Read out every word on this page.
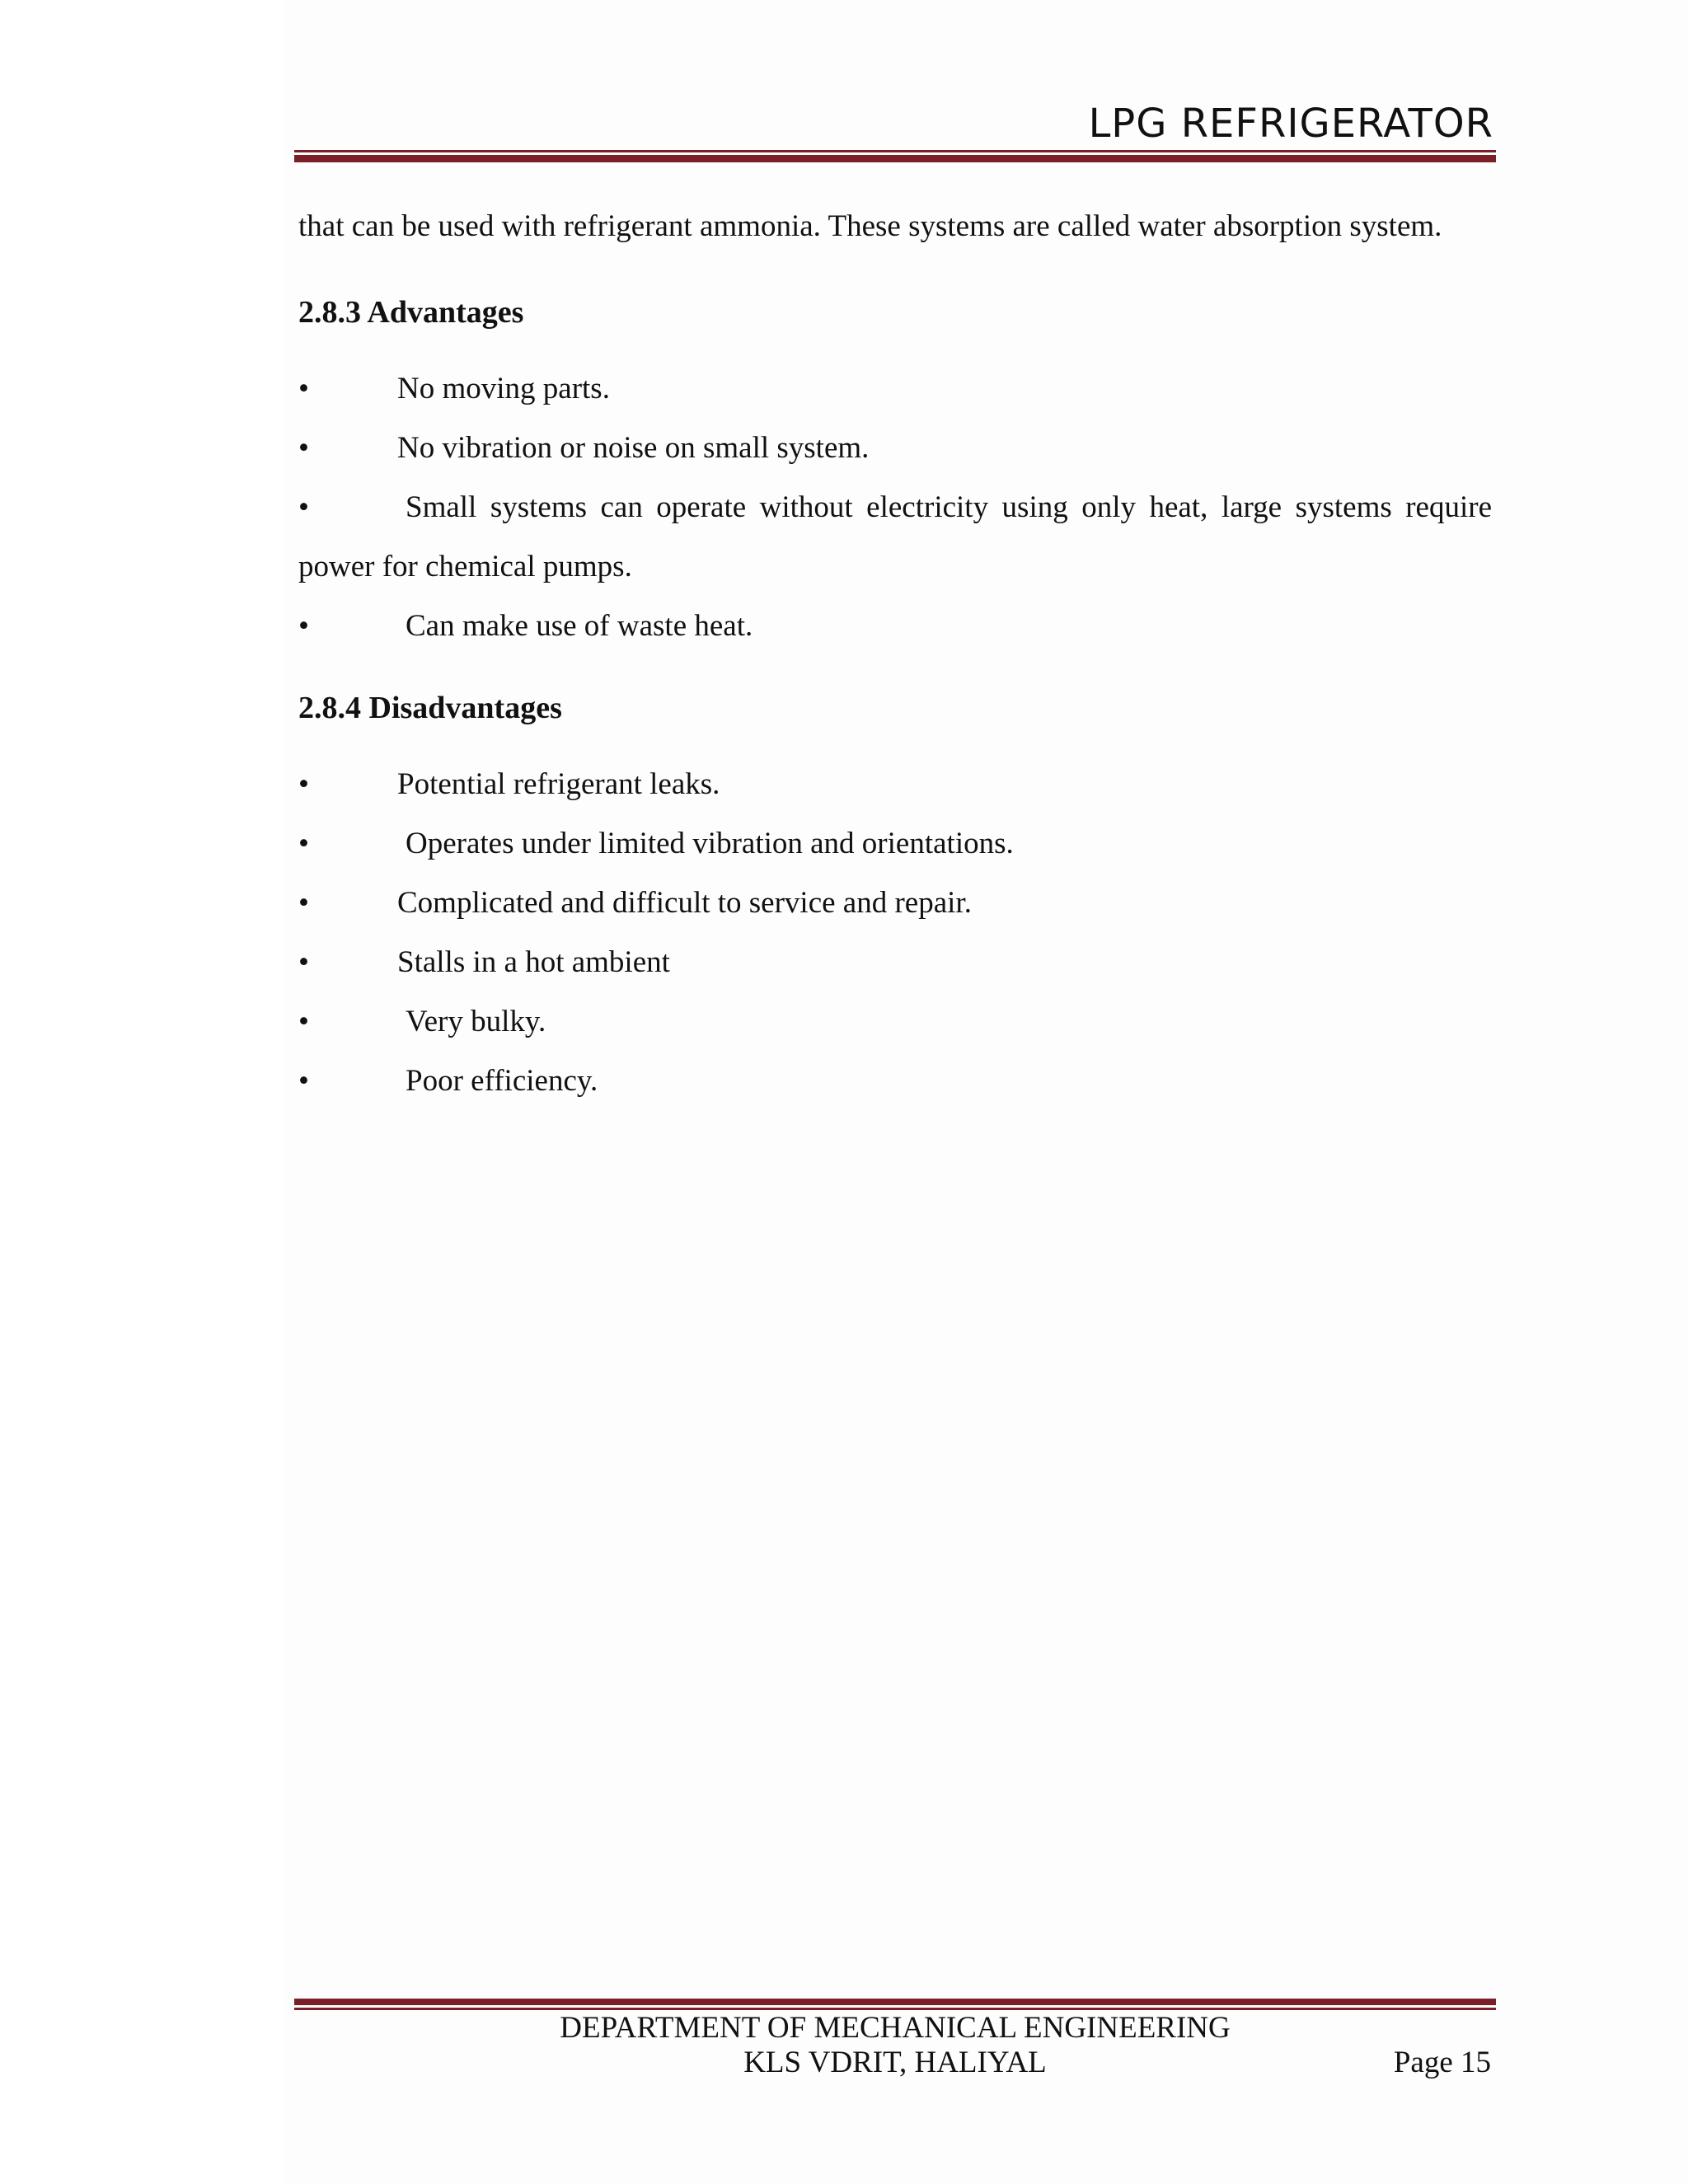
LPG REFRIGERATOR

that can be used with refrigerant ammonia. These systems are called water absorption system.

2.8.3 Advantages

•	No moving parts.
•	No vibration or noise on small system.
•	Small systems can operate without electricity using only heat, large systems require power for chemical pumps.
•	Can make use of waste heat.

2.8.4 Disadvantages

•	Potential refrigerant leaks.
•	Operates under limited vibration and orientations.
•	Complicated and difficult to service and repair.
•	Stalls in a hot ambient
•	Very bulky.
•	Poor efficiency.
DEPARTMENT OF MECHANICAL ENGINEERING
KLS VDRIT, HALIYAL	Page 15
